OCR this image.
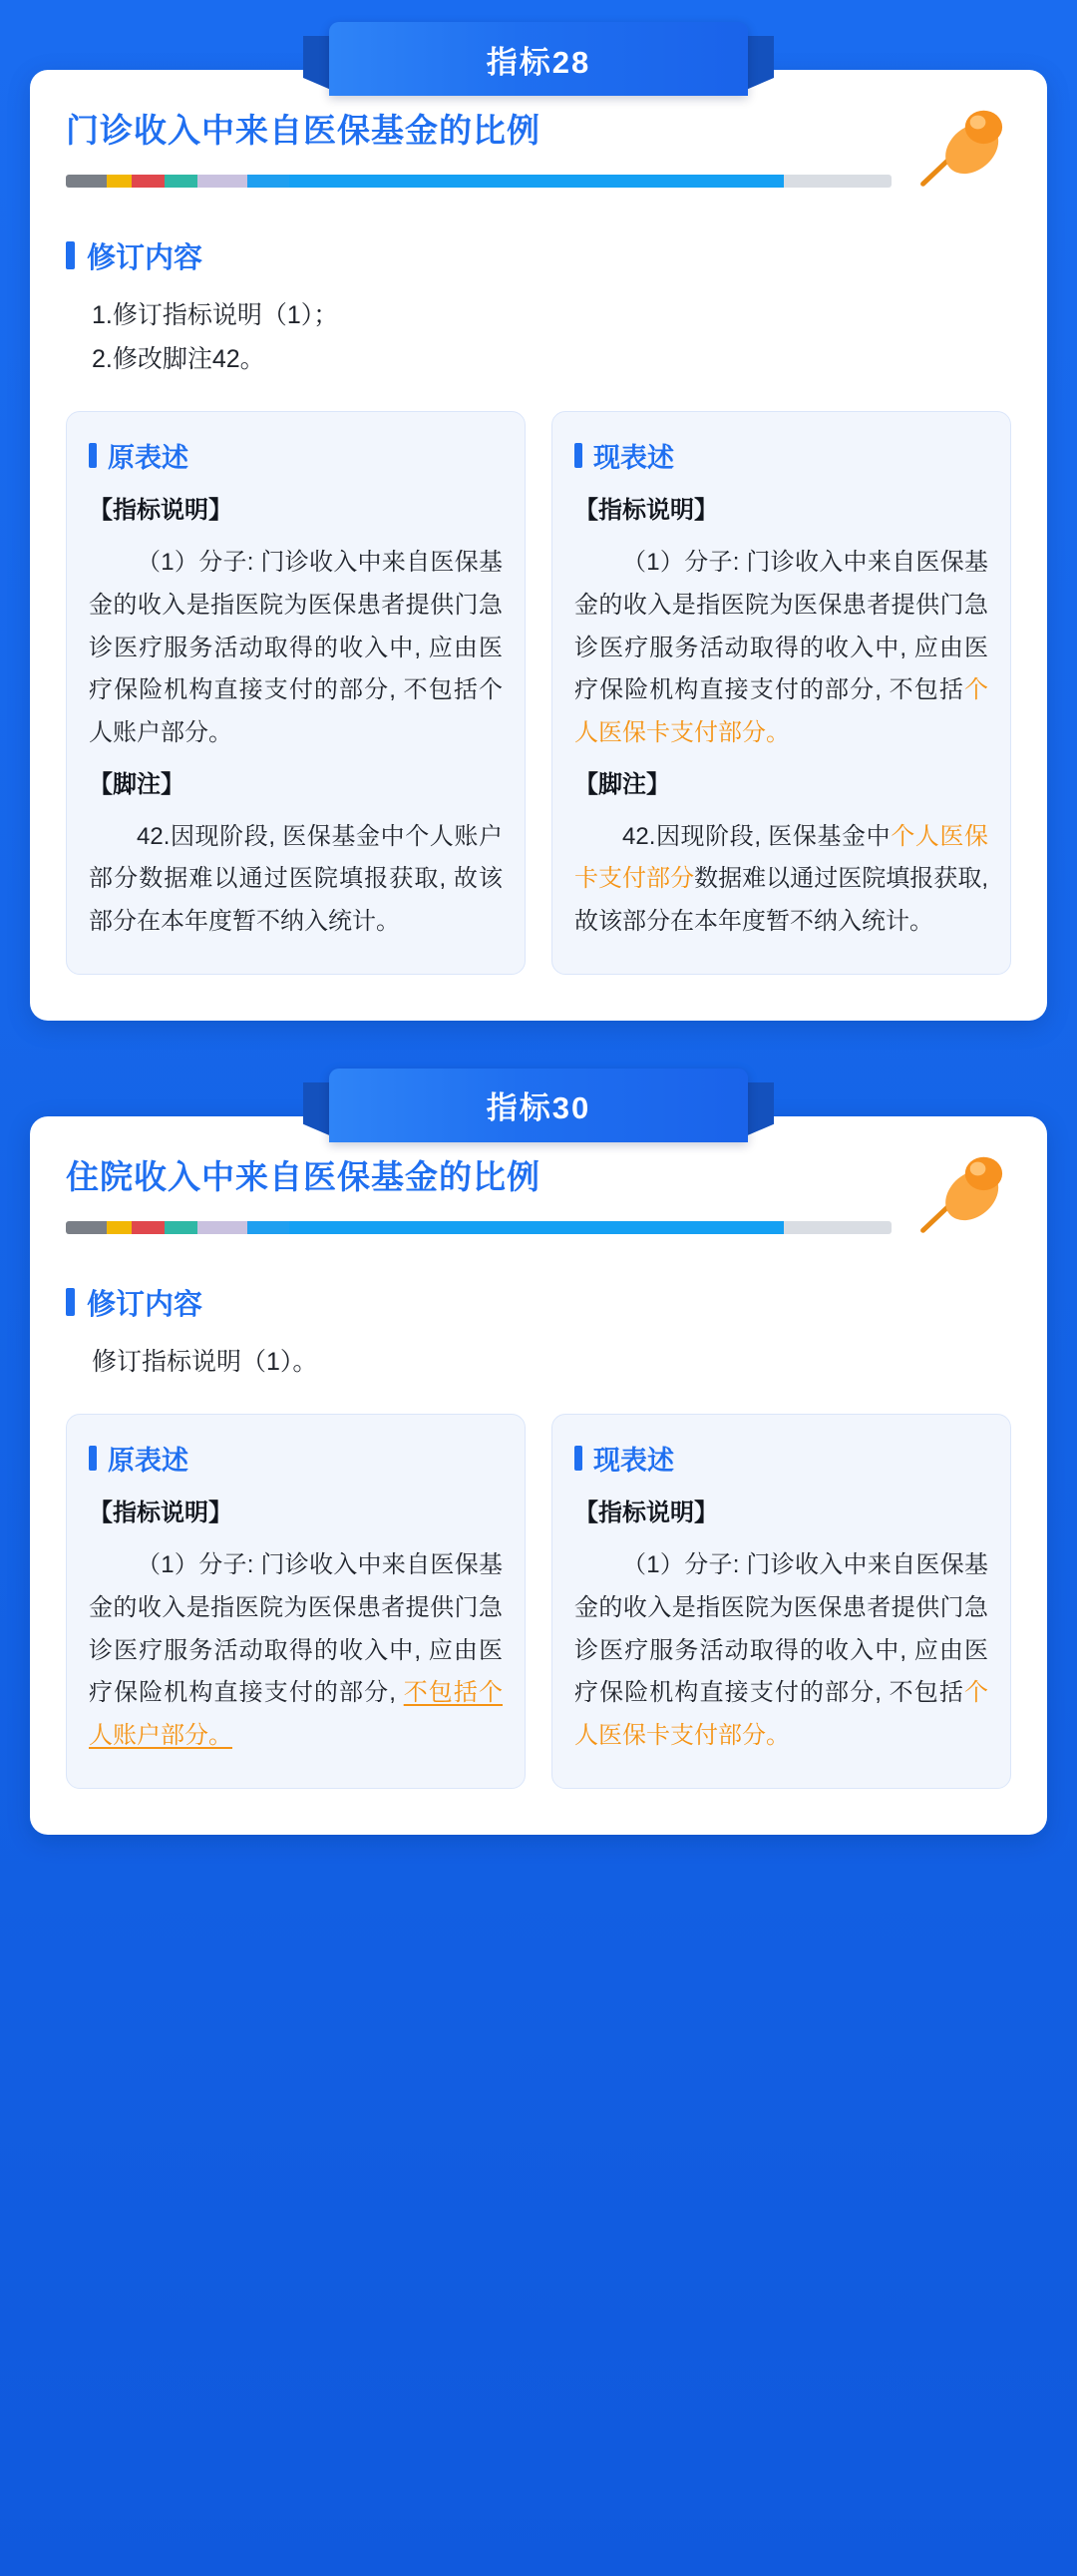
指标28
门诊收入中来自医保基金的比例
修订内容
1.修订指标说明（1）；
2.修改脚注42。
原表述
【指标说明】
（1）分子: 门诊收入中来自医保基金的收入是指医院为医保患者提供门急诊医疗服务活动取得的收入中, 应由医疗保险机构直接支付的部分, 不包括个人账户部分。
【脚注】
42.因现阶段, 医保基金中个人账户部分数据难以通过医院填报获取, 故该部分在本年度暂不纳入统计。
现表述
【指标说明】
（1）分子: 门诊收入中来自医保基金的收入是指医院为医保患者提供门急诊医疗服务活动取得的收入中, 应由医疗保险机构直接支付的部分, 不包括个人医保卡支付部分。
【脚注】
42.因现阶段, 医保基金中个人医保卡支付部分数据难以通过医院填报获取, 故该部分在本年度暂不纳入统计。
指标30
住院收入中来自医保基金的比例
修订内容
修订指标说明（1）。
原表述
【指标说明】
（1）分子: 门诊收入中来自医保基金的收入是指医院为医保患者提供门急诊医疗服务活动取得的收入中, 应由医疗保险机构直接支付的部分, 不包括个人账户部分。
现表述
【指标说明】
（1）分子: 门诊收入中来自医保基金的收入是指医院为医保患者提供门急诊医疗服务活动取得的收入中, 应由医疗保险机构直接支付的部分, 不包括个人医保卡支付部分。
